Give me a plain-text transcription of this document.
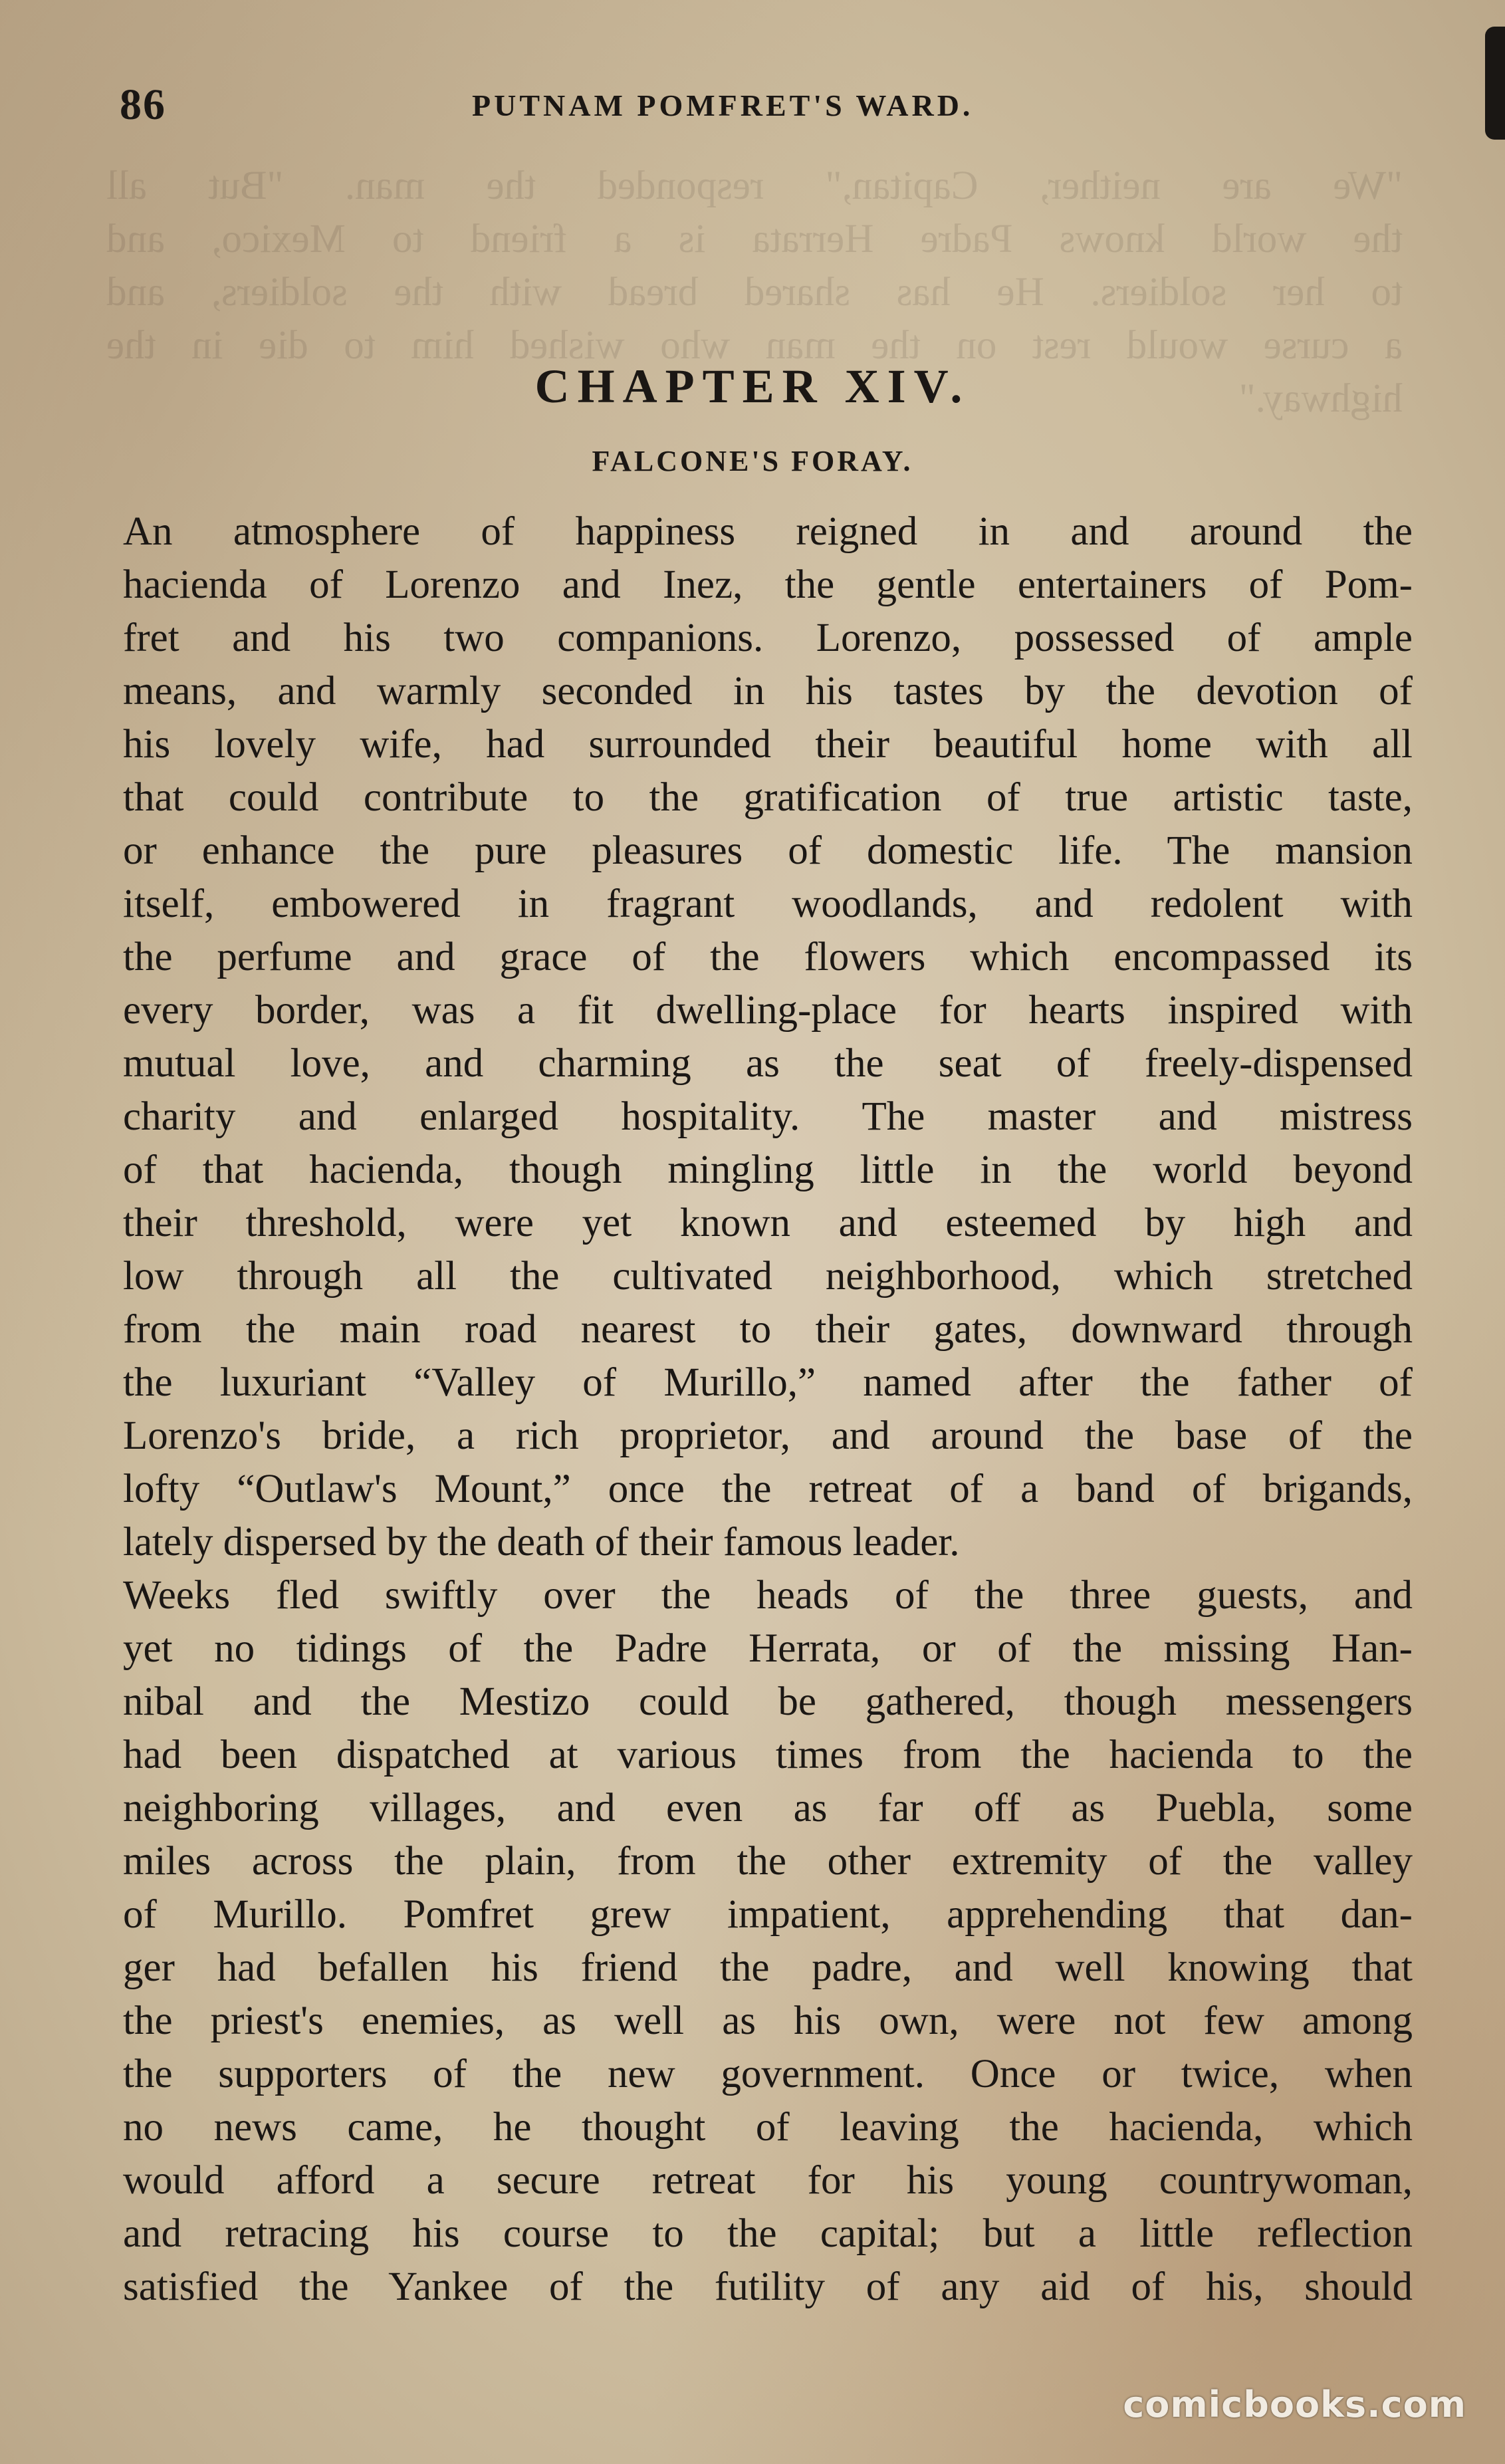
86	PUTNAM POMFRET'S WARD.
"We are neither, Capitan," responded the man. "But all
the world knows Padre Herrata is a friend to Mexico, and
to her soldiers. He has shared bread with the soldiers, and
a curse would rest on the man who wished him to die in the
highway."
CHAPTER XIV.
FALCONE'S FORAY.
An atmosphere of happiness reigned in and around the
hacienda of Lorenzo and Inez, the gentle entertainers of Pom-
fret and his two companions. Lorenzo, possessed of ample
means, and warmly seconded in his tastes by the devotion of
his lovely wife, had surrounded their beautiful home with all
that could contribute to the gratification of true artistic taste,
or enhance the pure pleasures of domestic life. The mansion
itself, embowered in fragrant woodlands, and redolent with
the perfume and grace of the flowers which encompassed its
every border, was a fit dwelling-place for hearts inspired with
mutual love, and charming as the seat of freely-dispensed
charity and enlarged hospitality. The master and mistress
of that hacienda, though mingling little in the world beyond
their threshold, were yet known and esteemed by high and
low through all the cultivated neighborhood, which stretched
from the main road nearest to their gates, downward through
the luxuriant “Valley of Murillo,” named after the father of
Lorenzo's bride, a rich proprietor, and around the base of the
lofty “Outlaw's Mount,” once the retreat of a band of brigands,
lately dispersed by the death of their famous leader.
Weeks fled swiftly over the heads of the three guests, and
yet no tidings of the Padre Herrata, or of the missing Han-
nibal and the Mestizo could be gathered, though messengers
had been dispatched at various times from the hacienda to the
neighboring villages, and even as far off as Puebla, some
miles across the plain, from the other extremity of the valley
of Murillo. Pomfret grew impatient, apprehending that dan-
ger had befallen his friend the padre, and well knowing that
the priest's enemies, as well as his own, were not few among
the supporters of the new government. Once or twice, when
no news came, he thought of leaving the hacienda, which
would afford a secure retreat for his young countrywoman,
and retracing his course to the capital; but a little reflection
satisfied the Yankee of the futility of any aid of his, should
comicbooks.com
